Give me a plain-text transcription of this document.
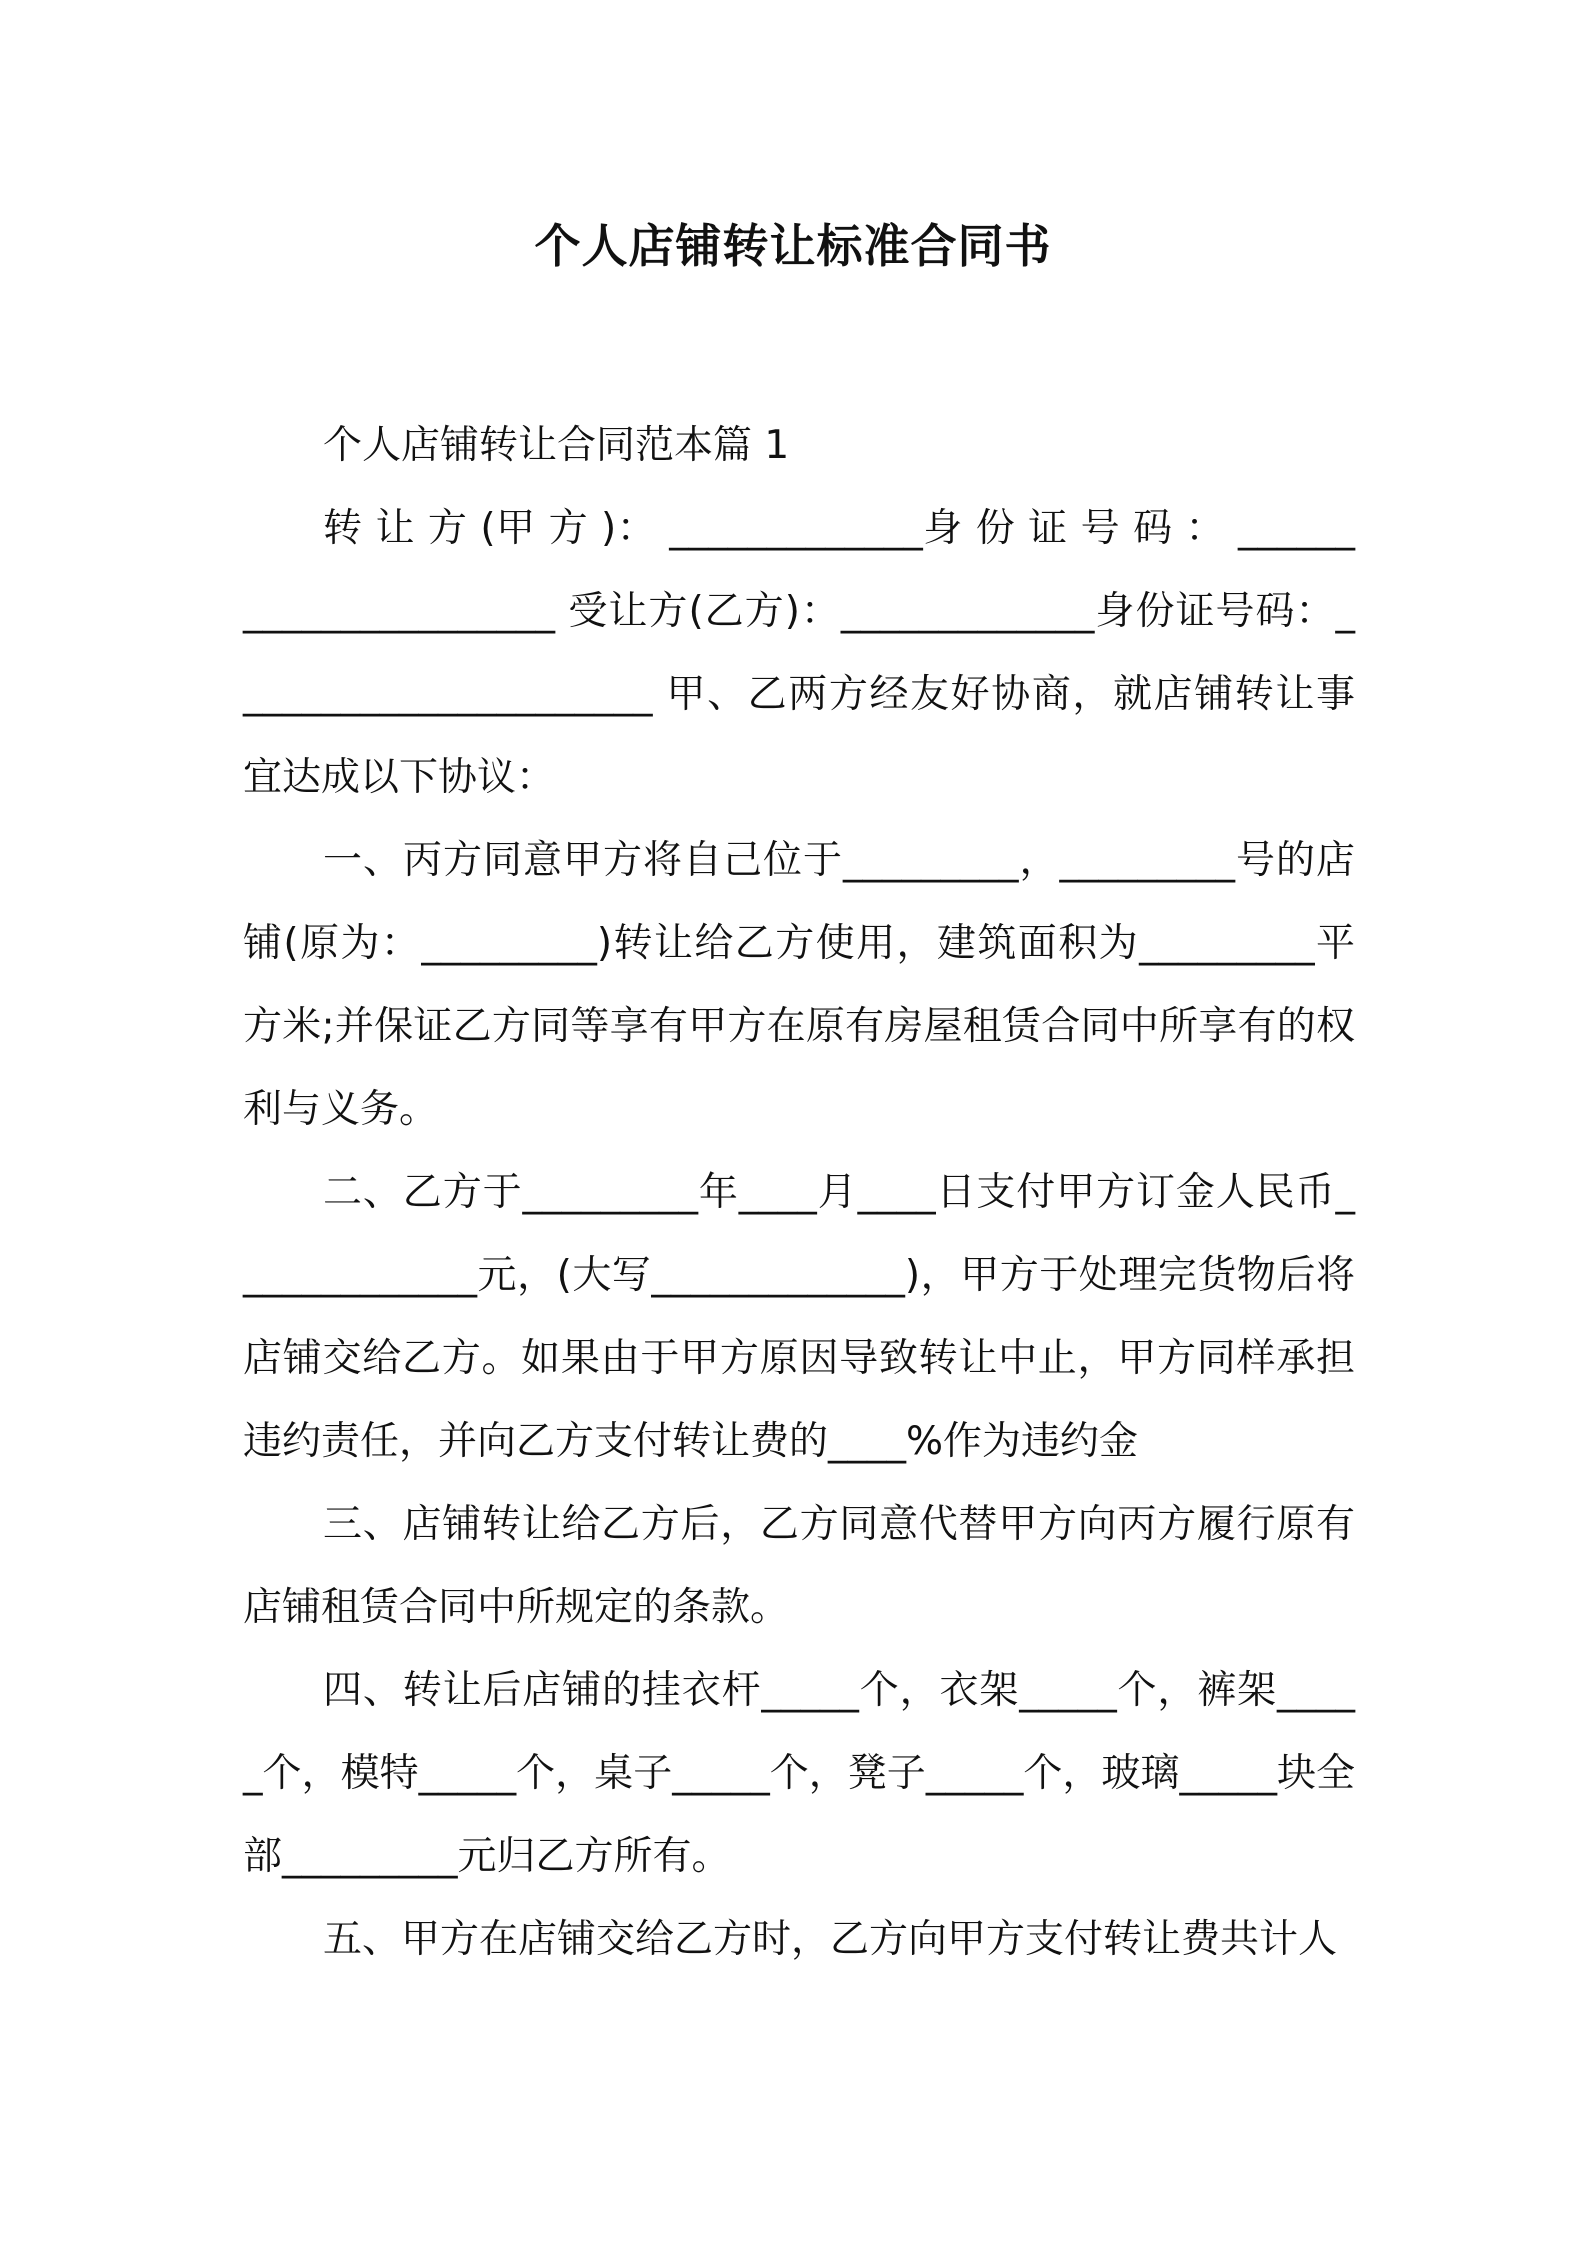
个人店铺转让标准合同书

个人店铺转让合同范本篇 1

转 让 方 (甲 方 )： _____________身 份 证 号 码 ： ______________________ 受让方(乙方)：_____________身份证号码：______________________ 甲、乙两方经友好协商，就店铺转让事宜达成以下协议：

一、丙方同意甲方将自己位于_________，_________号的店铺(原为：_________)转让给乙方使用，建筑面积为_________平方米;并保证乙方同等享有甲方在原有房屋租赁合同中所享有的权利与义务。

二、乙方于_________年____月____日支付甲方订金人民币_____________元，(大写_____________)，甲方于处理完货物后将店铺交给乙方。如果由于甲方原因导致转让中止，甲方同样承担违约责任，并向乙方支付转让费的____%作为违约金

三、店铺转让给乙方后，乙方同意代替甲方向丙方履行原有店铺租赁合同中所规定的条款。

四、转让后店铺的挂衣杆_____个，衣架_____个，裤架_____个，模特_____个，桌子_____个，凳子_____个，玻璃_____块全部_________元归乙方所有。

五、甲方在店铺交给乙方时，乙方向甲方支付转让费共计人
